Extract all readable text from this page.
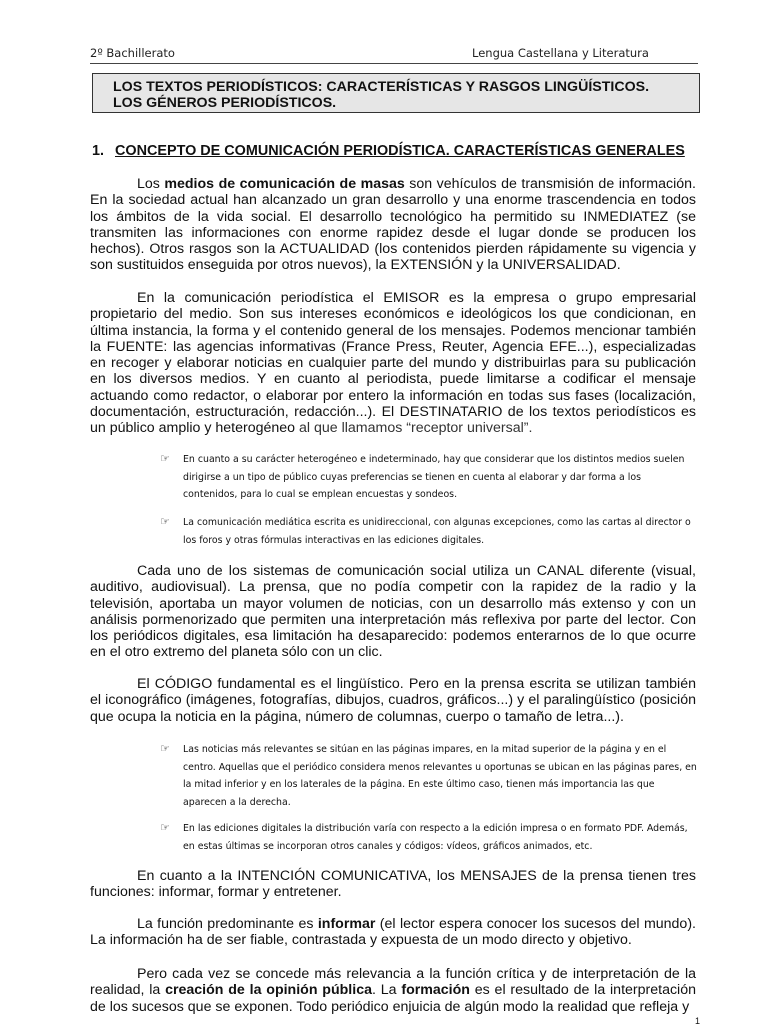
2º Bachillerato	Lengua Castellana y Literatura
LOS TEXTOS PERIODÍSTICOS: CARACTERÍSTICAS Y RASGOS LINGÜÍSTICOS.
LOS GÉNEROS PERIODÍSTICOS.
1. CONCEPTO DE COMUNICACIÓN PERIODÍSTICA. CARACTERÍSTICAS GENERALES

Los medios de comunicación de masas son vehículos de transmisión de información. En la sociedad actual han alcanzado un gran desarrollo y una enorme trascendencia en todos los ámbitos de la vida social. El desarrollo tecnológico ha permitido su INMEDIATEZ (se transmiten las informaciones con enorme rapidez desde el lugar donde se producen los hechos). Otros rasgos son la ACTUALIDAD (los contenidos pierden rápidamente su vigencia y son sustituidos enseguida por otros nuevos), la EXTENSIÓN y la UNIVERSALIDAD.

En la comunicación periodística el EMISOR es la empresa o grupo empresarial propietario del medio. Son sus intereses económicos e ideológicos los que condicionan, en última instancia, la forma y el contenido general de los mensajes. Podemos mencionar también la FUENTE: las agencias informativas (France Press, Reuter, Agencia EFE...), especializadas en recoger y elaborar noticias en cualquier parte del mundo y distribuirlas para su publicación en los diversos medios. Y en cuanto al periodista, puede limitarse a codificar el mensaje actuando como redactor, o elaborar por entero la información en todas sus fases (localización, documentación, estructuración, redacción...). El DESTINATARIO de los textos periodísticos es un público amplio y heterogéneo al que llamamos “receptor universal”.

☞ En cuanto a su carácter heterogéneo e indeterminado, hay que considerar que los distintos medios suelen dirigirse a un tipo de público cuyas preferencias se tienen en cuenta al elaborar y dar forma a los contenidos, para lo cual se emplean encuestas y sondeos.
☞ La comunicación mediática escrita es unidireccional, con algunas excepciones, como las cartas al director o los foros y otras fórmulas interactivas en las ediciones digitales.

Cada uno de los sistemas de comunicación social utiliza un CANAL diferente (visual, auditivo, audiovisual). La prensa, que no podía competir con la rapidez de la radio y la televisión, aportaba un mayor volumen de noticias, con un desarrollo más extenso y con un análisis pormenorizado que permiten una interpretación más reflexiva por parte del lector. Con los periódicos digitales, esa limitación ha desaparecido: podemos enterarnos de lo que ocurre en el otro extremo del planeta sólo con un clic.

El CÓDIGO fundamental es el lingüístico. Pero en la prensa escrita se utilizan también el iconográfico (imágenes, fotografías, dibujos, cuadros, gráficos...) y el paralingüístico (posición que ocupa la noticia en la página, número de columnas, cuerpo o tamaño de letra...).

☞ Las noticias más relevantes se sitúan en las páginas impares, en la mitad superior de la página y en el centro. Aquellas que el periódico considera menos relevantes u oportunas se ubican en las páginas pares, en la mitad inferior y en los laterales de la página. En este último caso, tienen más importancia las que aparecen a la derecha.
☞ En las ediciones digitales la distribución varía con respecto a la edición impresa o en formato PDF. Además, en estas últimas se incorporan otros canales y códigos: vídeos, gráficos animados, etc.

En cuanto a la INTENCIÓN COMUNICATIVA, los MENSAJES de la prensa tienen tres funciones: informar, formar y entretener.

La función predominante es informar (el lector espera conocer los sucesos del mundo). La información ha de ser fiable, contrastada y expuesta de un modo directo y objetivo.

Pero cada vez se concede más relevancia a la función crítica y de interpretación de la realidad, la creación de la opinión pública. La formación es el resultado de la interpretación de los sucesos que se exponen. Todo periódico enjuicia de algún modo la realidad que refleja y

1
